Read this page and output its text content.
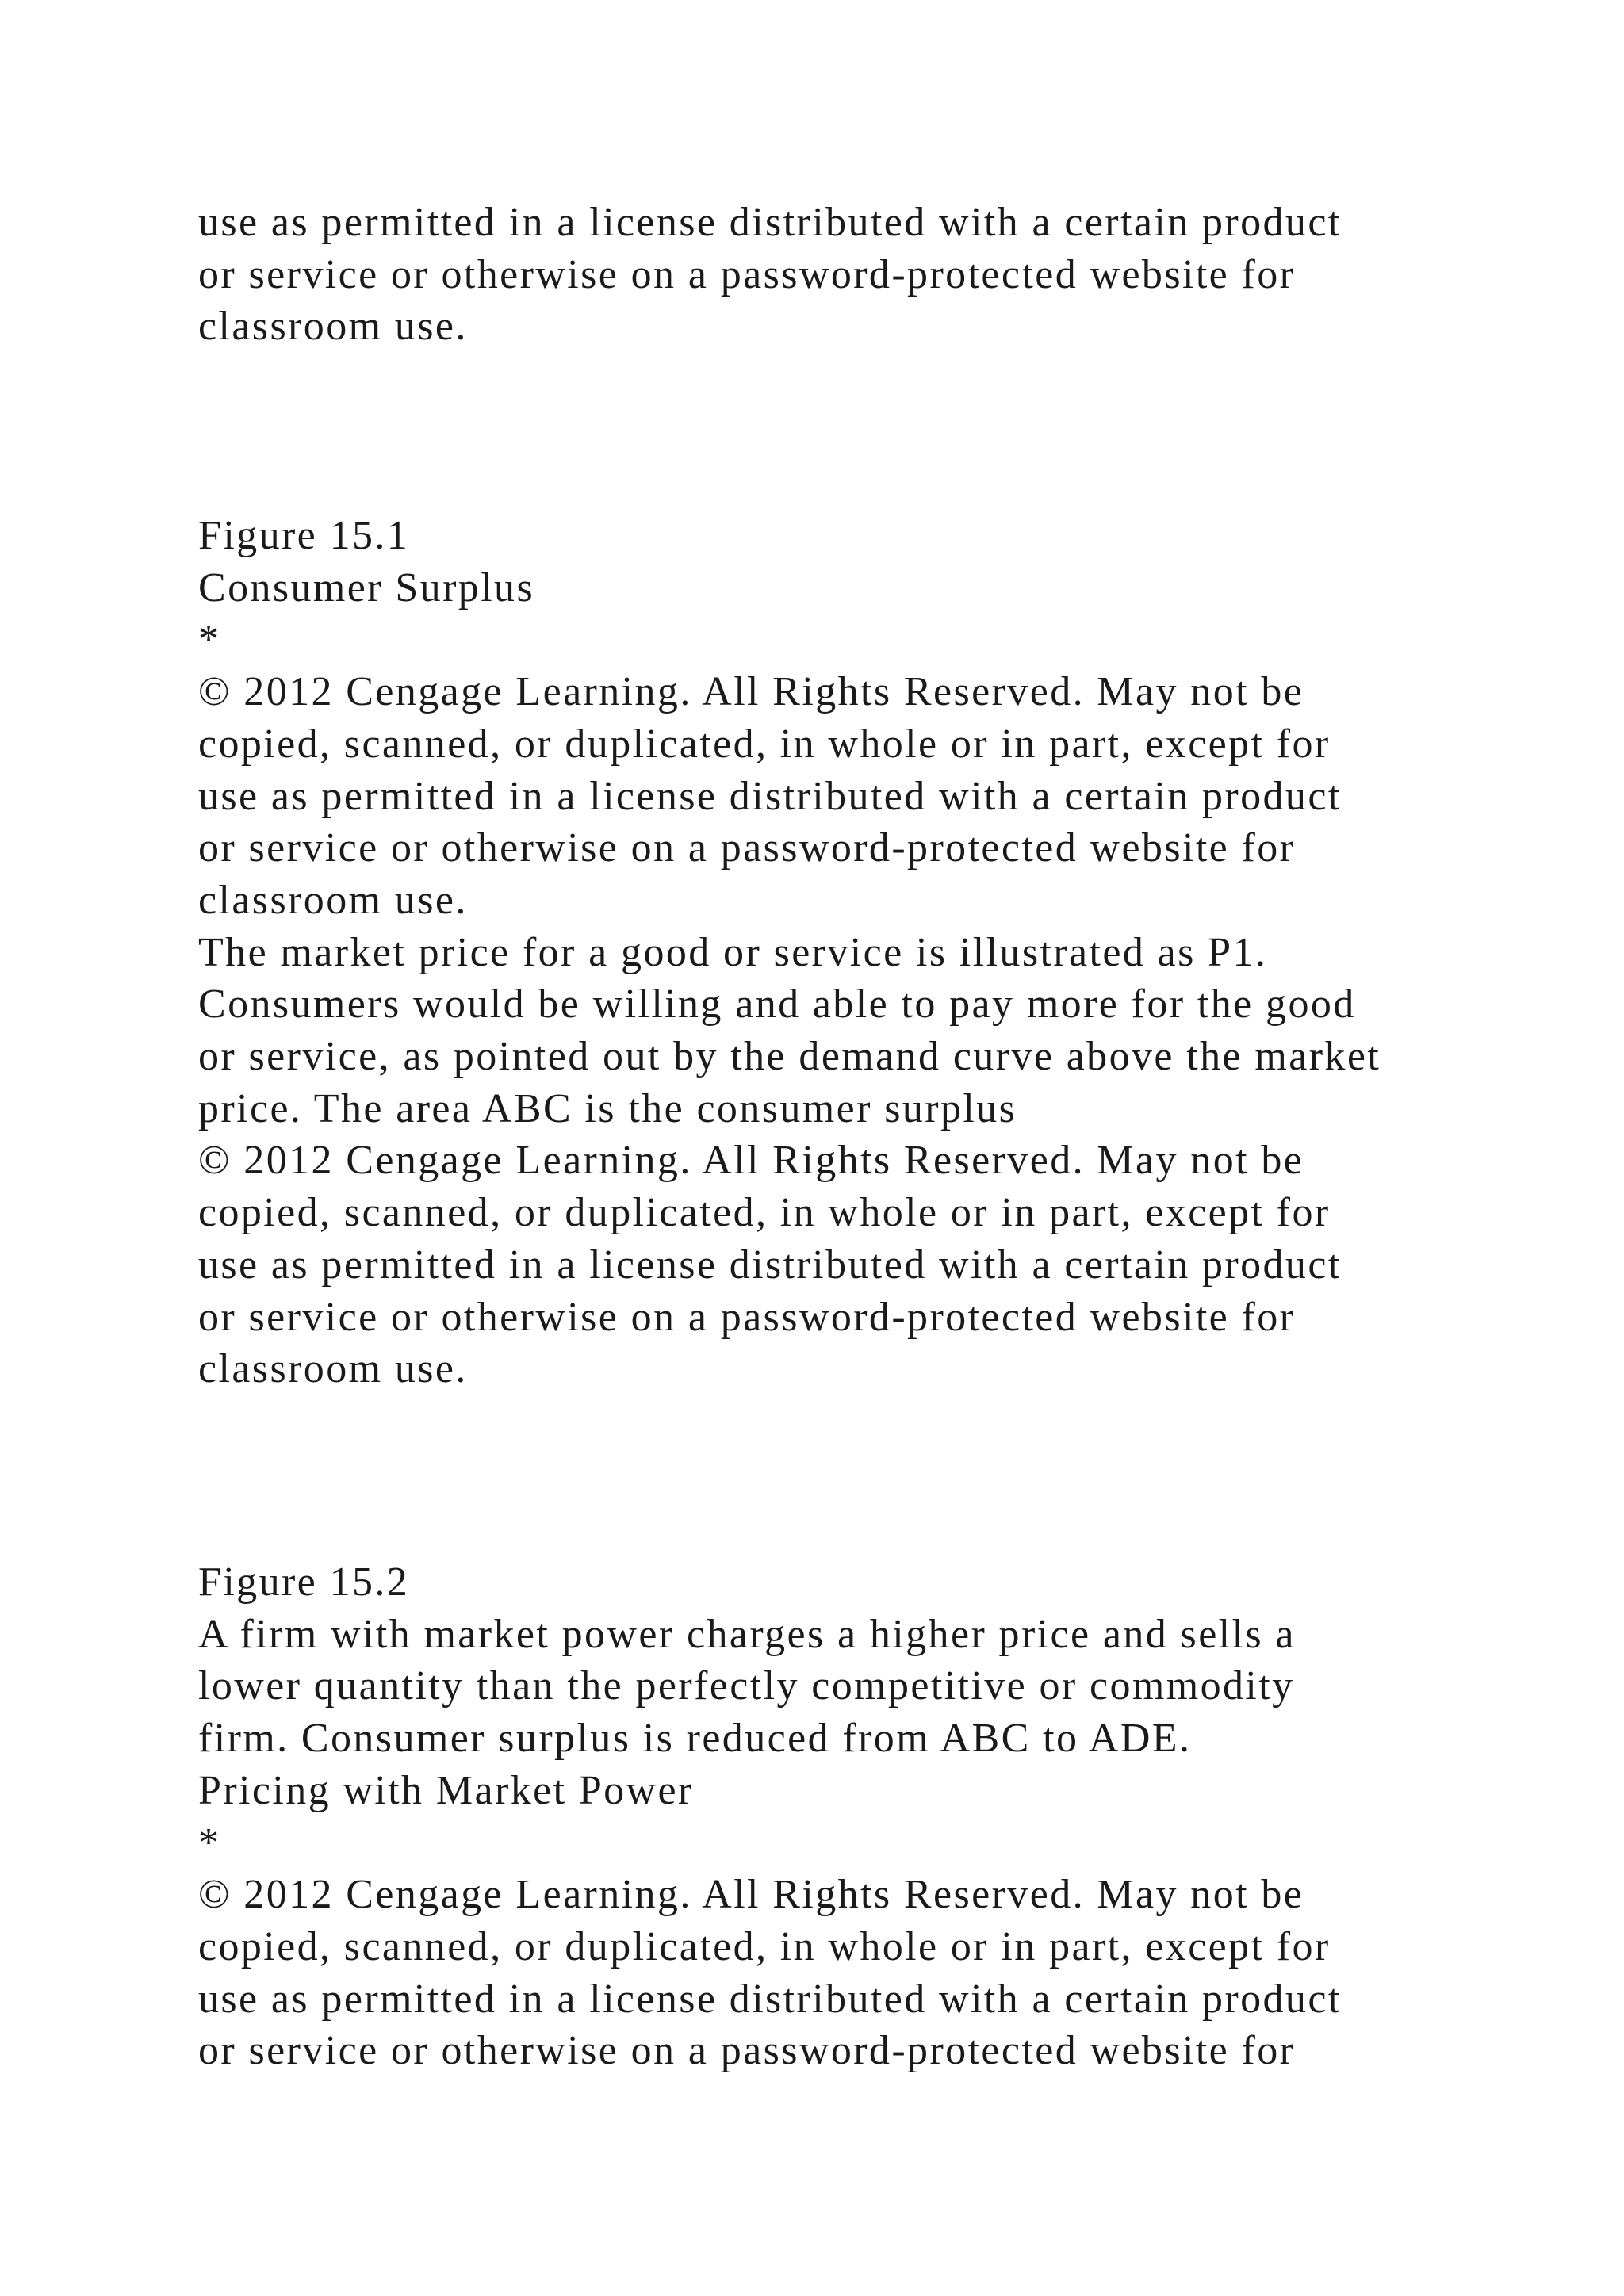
use as permitted in a license distributed with a certain product
or service or otherwise on a password-protected website for
classroom use.
Figure 15.1
Consumer Surplus
*
© 2012 Cengage Learning. All Rights Reserved. May not be
copied, scanned, or duplicated, in whole or in part, except for
use as permitted in a license distributed with a certain product
or service or otherwise on a password-protected website for
classroom use.
The market price for a good or service is illustrated as P1.
Consumers would be willing and able to pay more for the good
or service, as pointed out by the demand curve above the market
price. The area ABC is the consumer surplus
© 2012 Cengage Learning. All Rights Reserved. May not be
copied, scanned, or duplicated, in whole or in part, except for
use as permitted in a license distributed with a certain product
or service or otherwise on a password-protected website for
classroom use.
Figure 15.2
A firm with market power charges a higher price and sells a
lower quantity than the perfectly competitive or commodity
firm. Consumer surplus is reduced from ABC to ADE.
Pricing with Market Power
*
© 2012 Cengage Learning. All Rights Reserved. May not be
copied, scanned, or duplicated, in whole or in part, except for
use as permitted in a license distributed with a certain product
or service or otherwise on a password-protected website for
